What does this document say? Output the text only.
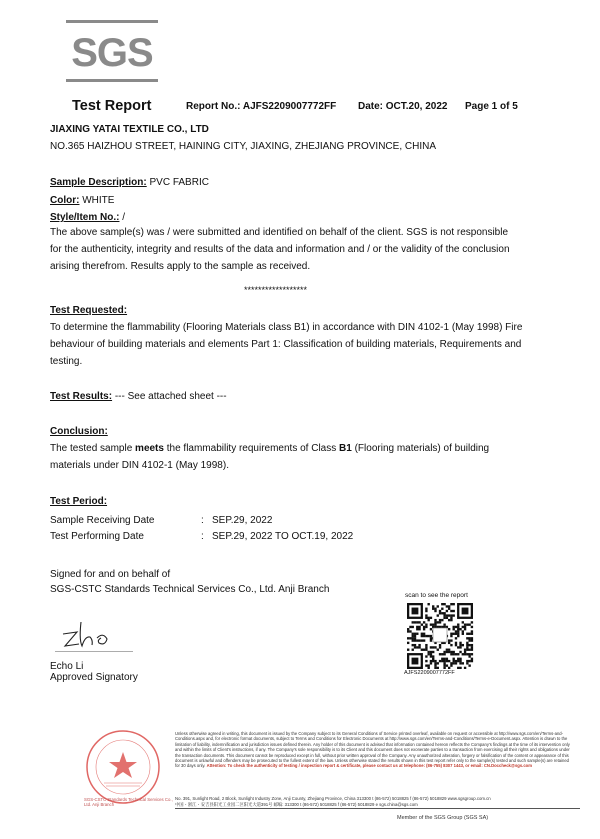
SGS
Test Report	Report No.: AJFS2209007772FF Date: OCT.20, 2022 Page 1 of 5
JIAXING YATAI TEXTILE CO., LTD
NO.365 HAIZHOU STREET, HAINING CITY, JIAXING, ZHEJIANG PROVINCE, CHINA
Sample Description: PVC FABRIC
Color: WHITE
Style/Item No.: /
The above sample(s) was / were submitted and identified on behalf of the client. SGS is not responsible
for the authenticity, integrity and results of the data and information and / or the validity of the conclusion
arising therefrom. Results apply to the sample as received.
******************
Test Requested:
To determine the flammability (Flooring Materials class B1) in accordance with DIN 4102-1 (May 1998) Fire
behaviour of building materials and elements Part 1: Classification of building materials, Requirements and
testing.
Test Results: --- See attached sheet ---
Conclusion:
The tested sample meets the flammability requirements of Class B1 (Flooring materials) of building
materials under DIN 4102-1 (May 1998).
Test Period:
Sample Receiving Date	: SEP.29, 2022
Test Performing Date	: SEP.29, 2022 TO OCT.19, 2022
Signed for and on behalf of
SGS-CSTC Standards Technical Services Co., Ltd. Anji Branch
Echo Li
Approved Signatory
scan to see the report
AJFS2209007772FF
SGS-CSTC Standards Technical Services Co., Ltd. Anji Branch
Unless otherwise agreed in writing, this document is issued by the Company subject to its General Conditions of Service printed overleaf, available on request or accessible at http://www.sgs.com/en/Terms-and-Conditions.aspx and, for electronic format documents, subject to Terms and Conditions for Electronic Documents at http://www.sgs.com/en/Terms-and-Conditions/Terms-e-Document.aspx. Attention is drawn to the limitation of liability, indemnification and jurisdiction issues defined therein. Any holder of this document is advised that information contained hereon reflects the Company's findings at the time of its intervention only and within the limits of Client's instructions, if any. The Company's sole responsibility is to its Client and this document does not exonerate parties to a transaction from exercising all their rights and obligations under the transaction documents. This document cannot be reproduced except in full, without prior written approval of the Company. Any unauthorized alteration, forgery or falsification of the content or appearance of this document is unlawful and offenders may be prosecuted to the fullest extent of the law. Unless otherwise stated the results shown in this test report refer only to the sample(s) tested and such sample(s) are retained for 30 days only. Attention: To check the authenticity of testing / inspection report & certificate, please contact us at telephone: (86-755) 8307 1443, or email: CN.Doccheck@sgs.com
No. 391, Sunlight Road, 2 Block, Sunlight Industry Zone, Anji County, Zhejiang Province, China 313300 t (86-572) 5018825 f (86-572) 5018829 www.sgsgroup.com.cn
中国・浙江・安吉县阳光工业园二区阳光大道391号 邮编: 313300 t (86-572) 5018825 f (86-572) 5018829 e sgs.china@sgs.com
Member of the SGS Group (SGS SA)
